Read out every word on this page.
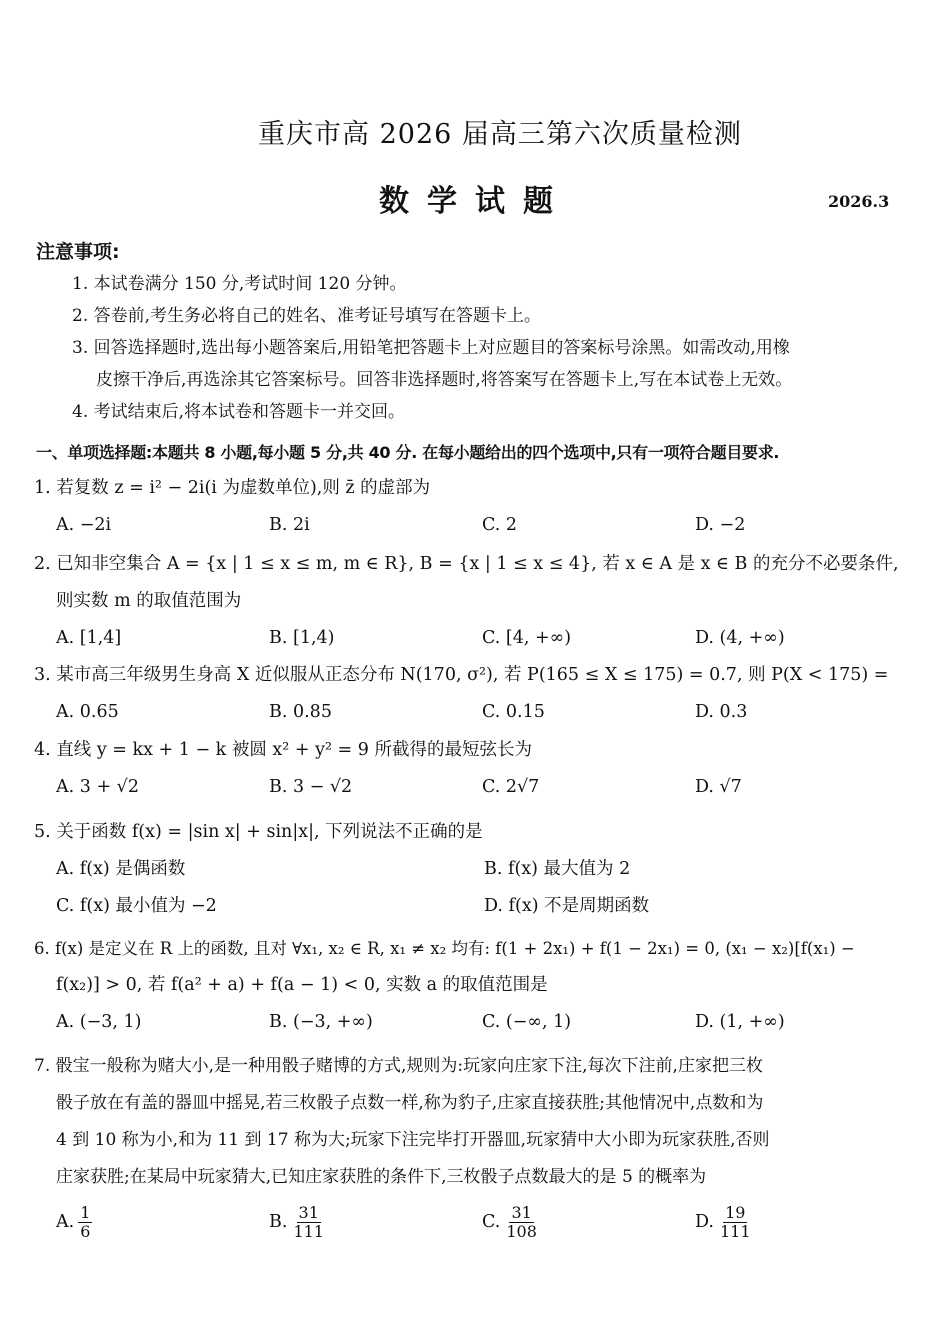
重庆市高 2026 届高三第六次质量检测
数学试题	2026.3
注意事项:

1. 本试卷满分 150 分,考试时间 120 分钟。

2. 答卷前,考生务必将自己的姓名、准考证号填写在答题卡上。

3. 回答选择题时,选出每小题答案后,用铅笔把答题卡上对应题目的答案标号涂黑。如需改动,用橡

皮擦干净后,再选涂其它答案标号。回答非选择题时,将答案写在答题卡上,写在本试卷上无效。

4. 考试结束后,将本试卷和答题卡一并交回。

一、单项选择题:本题共 8 小题,每小题 5 分,共 40 分. 在每小题给出的四个选项中,只有一项符合题目要求.

1. 若复数 z = i² − 2i(i 为虚数单位),则 z̄ 的虚部为

A. −2i	B. 2i	C. 2	D. −2

2. 已知非空集合 A = {x | 1 ≤ x ≤ m, m ∈ R}, B = {x | 1 ≤ x ≤ 4}, 若 x ∈ A 是 x ∈ B 的充分不必要条件,

则实数 m 的取值范围为

A. [1,4]	B. [1,4)	C. [4, +∞)	D. (4, +∞)

3. 某市高三年级男生身高 X 近似服从正态分布 N(170, σ²), 若 P(165 ≤ X ≤ 175) = 0.7, 则 P(X < 175) =

A. 0.65	B. 0.85	C. 0.15	D. 0.3

4. 直线 y = kx + 1 − k 被圆 x² + y² = 9 所截得的最短弦长为

A. 3 + √2	B. 3 − √2	C. 2√7	D. √7

5. 关于函数 f(x) = |sin x| + sin|x|, 下列说法不正确的是

A. f(x) 是偶函数	B. f(x) 最大值为 2
C. f(x) 最小值为 −2	D. f(x) 不是周期函数

6. f(x) 是定义在 R 上的函数, 且对 ∀x₁, x₂ ∈ R, x₁ ≠ x₂ 均有: f(1 + 2x₁) + f(1 − 2x₁) = 0, (x₁ − x₂)[f(x₁) −

f(x₂)] > 0, 若 f(a² + a) + f(a − 1) < 0, 实数 a 的取值范围是

A. (−3, 1)	B. (−3, +∞)	C. (−∞, 1)	D. (1, +∞)

7. 骰宝一般称为赌大小,是一种用骰子赌博的方式,规则为:玩家向庄家下注,每次下注前,庄家把三枚

骰子放在有盖的器皿中摇晃,若三枚骰子点数一样,称为豹子,庄家直接获胜;其他情况中,点数和为

4 到 10 称为小,和为 11 到 17 称为大;玩家下注完毕打开器皿,玩家猜中大小即为玩家获胜,否则

庄家获胜;在某局中玩家猜大,已知庄家获胜的条件下,三枚骰子点数最大的是 5 的概率为

A. $\frac{1}{6}$	B. $\frac{31}{111}$	C. $\frac{31}{108}$	D. $\frac{19}{111}$
